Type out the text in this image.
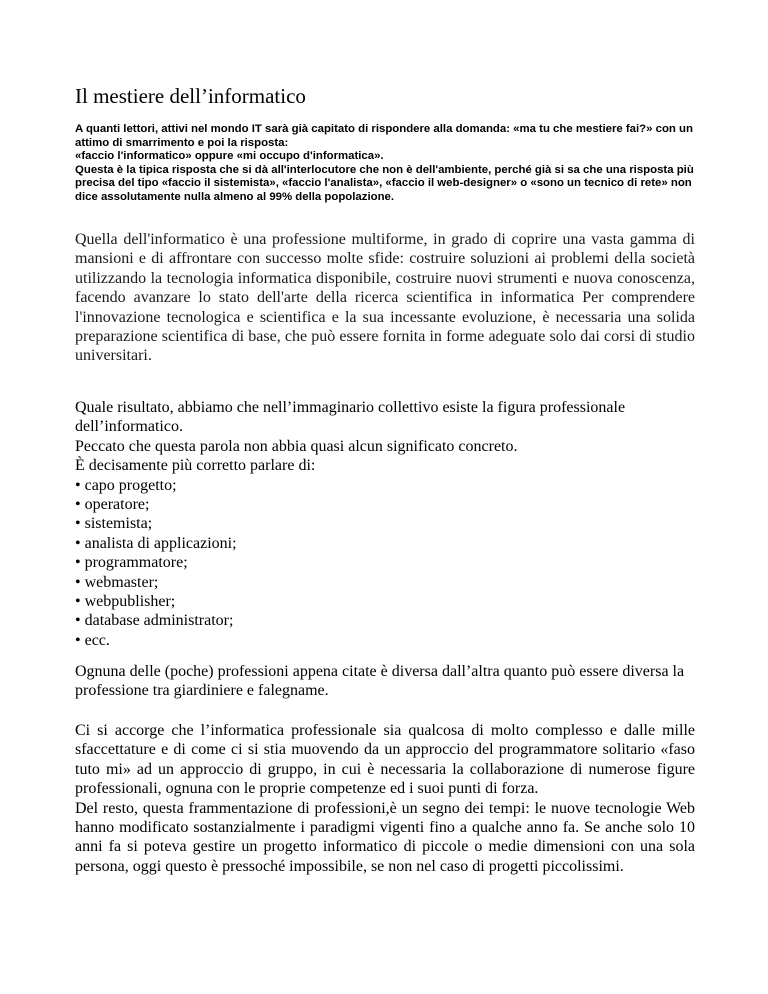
Il mestiere dell’informatico

A quanti lettori, attivi nel mondo IT sarà già capitato di rispondere alla domanda: «ma tu che mestiere fai?» con un attimo di smarrimento e poi la risposta:

«faccio l'informatico» oppure «mi occupo d'informatica».

Questa è la tipica risposta che si dà all'interlocutore che non è dell'ambiente, perché già si sa che una risposta più precisa del tipo «faccio il sistemista», «faccio l'analista», «faccio il web-designer» o «sono un tecnico di rete» non dice assolutamente nulla almeno al 99% della popolazione.

Quella dell'informatico è una professione multiforme, in grado di coprire una vasta gamma di mansioni e di affrontare con successo molte sfide: costruire soluzioni ai problemi della società utilizzando la tecnologia informatica disponibile, costruire nuovi strumenti e nuova conoscenza, facendo avanzare lo stato dell'arte della ricerca scientifica in informatica Per comprendere l'innovazione tecnologica e scientifica e la sua incessante evoluzione, è necessaria una solida preparazione scientifica di base, che può essere fornita in forme adeguate solo dai corsi di studio universitari.

Quale risultato, abbiamo che nell’immaginario collettivo esiste la figura professionale dell’informatico.

Peccato che questa parola non abbia quasi alcun significato concreto.

È decisamente più corretto parlare di:

• capo progetto;
• operatore;
• sistemista;
• analista di applicazioni;
• programmatore;
• webmaster;
• webpublisher;
• database administrator;
• ecc.

Ognuna delle (poche) professioni appena citate è diversa dall’altra quanto può essere diversa la professione tra giardiniere e falegname.

Ci si accorge che l’informatica professionale sia qualcosa di molto complesso e dalle mille sfaccettature e di come ci si stia muovendo da un approccio del programmatore solitario «faso tuto mi» ad un approccio di gruppo, in cui è necessaria la collaborazione di numerose figure professionali, ognuna con le proprie competenze ed i suoi punti di forza.

Del resto, questa frammentazione di professioni,è un segno dei tempi: le nuove tecnologie Web hanno modificato sostanzialmente i paradigmi vigenti fino a qualche anno fa. Se anche solo 10 anni fa si poteva gestire un progetto informatico di piccole o medie dimensioni con una sola persona, oggi questo è pressoché impossibile, se non nel caso di progetti piccolissimi.
